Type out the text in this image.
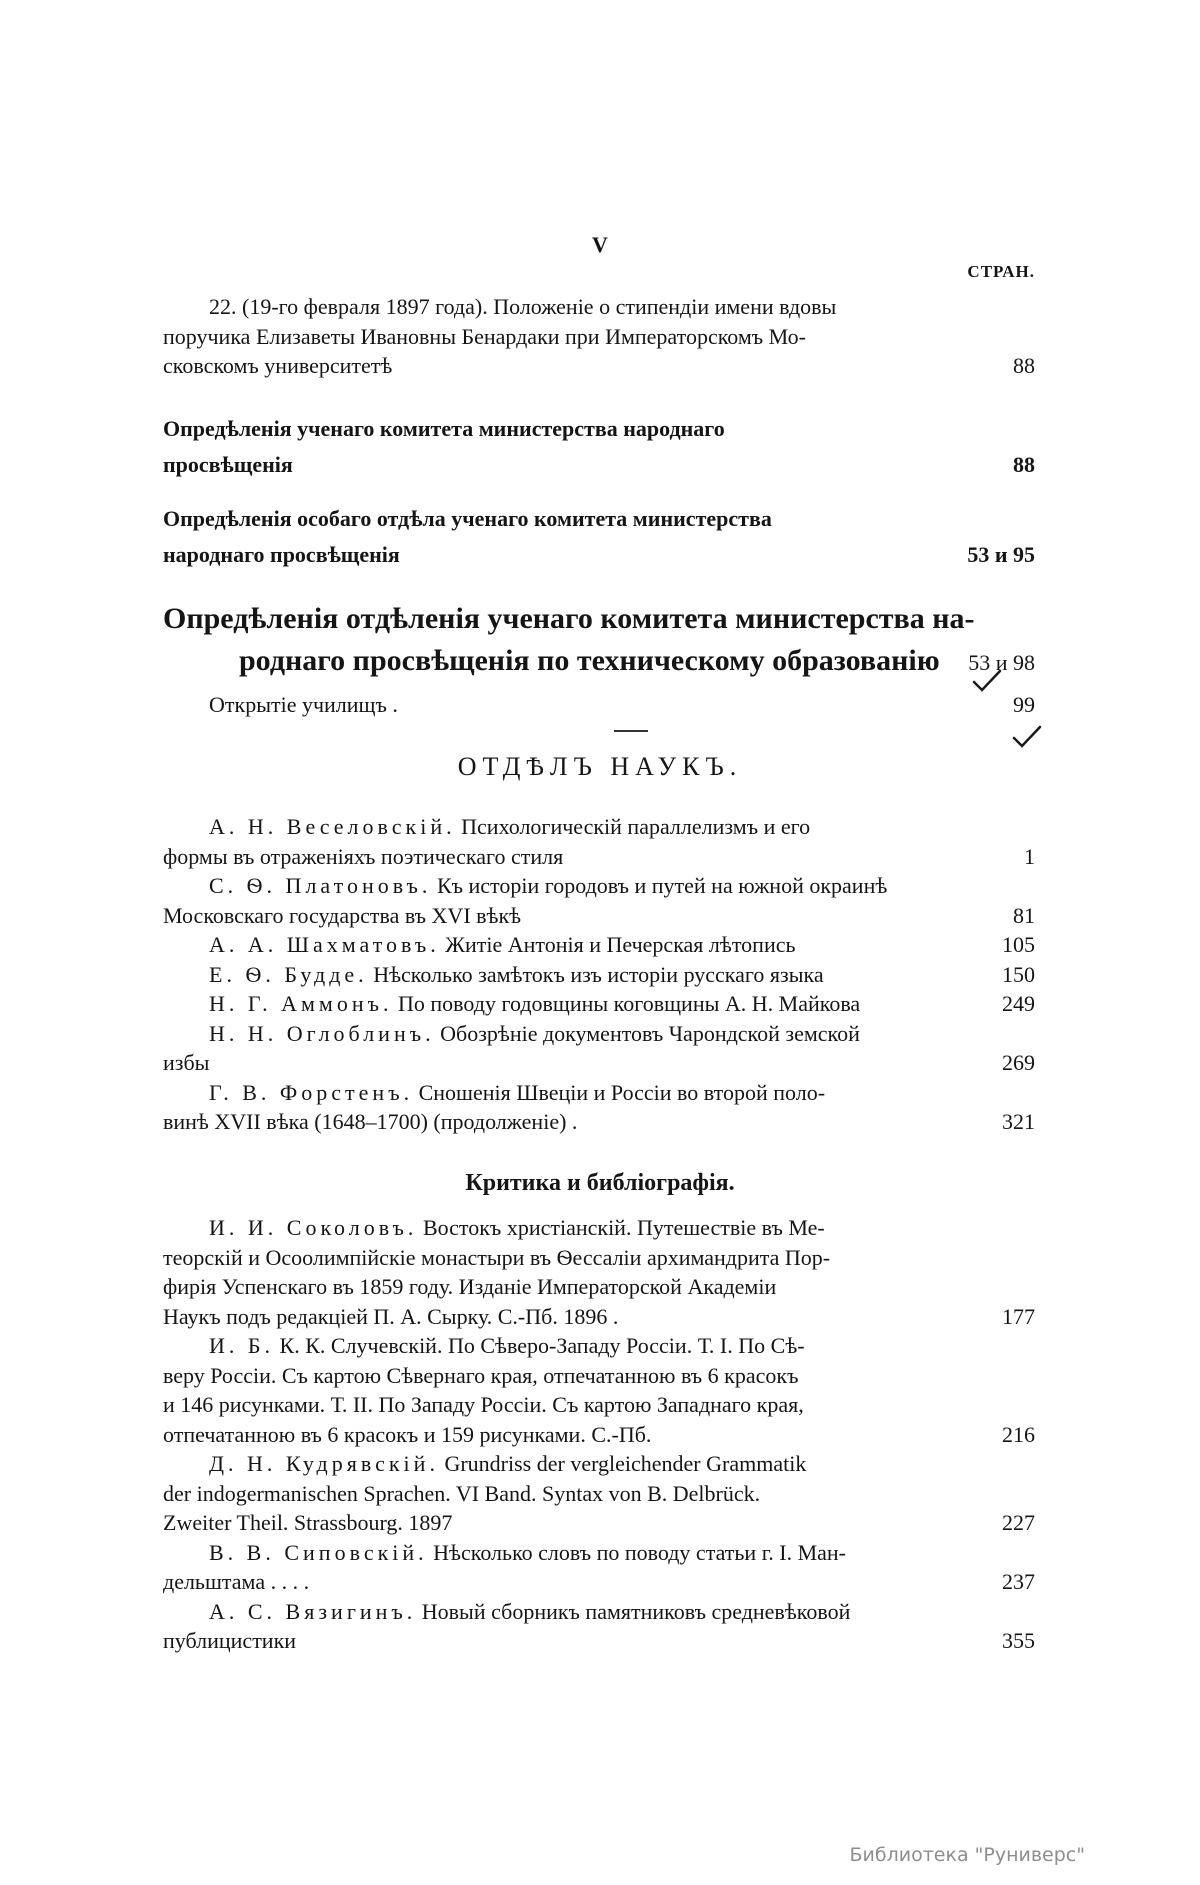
V
СТРАН.
22. (19-го февраля 1897 года). Положеніе о стипендіи имени вдовы
поручика Елизаветы Ивановны Бенардаки при Императорскомъ Мо-
сковскомъ университетѣ	88
Опредѣленія ученаго комитета министерства народнаго
просвѣщенія	88
Опредѣленія особаго отдѣла ученаго комитета министерства
народнаго просвѣщенія	53 и 95
Опредѣленія отдѣленія ученаго комитета министерства на-
роднаго просвѣщенія по техническому образованію	53 и 98
Открытіе училищъ .	99
ОТДѢЛЪ НАУКЪ.
А. Н. Веселовскій. Психологическій параллелизмъ и его
формы въ отраженіяхъ поэтическаго стиля	1
С. Ѳ. Платоновъ. Къ исторіи городовъ и путей на южной окраинѣ
Московскаго государства въ XVI вѣкѣ	81
А. А. Шахматовъ. Житіе Антонія и Печерская лѣтопись	105
Е. Ѳ. Будде. Нѣсколько замѣтокъ изъ исторіи русскаго языка	150
Н. Г. Аммонъ. По поводу годовщины коговщины А. Н. Майкова	249
Н. Н. Оглоблинъ. Обозрѣніе документовъ Чарондской земской
избы	269
Г. В. Форстенъ. Сношенія Швеціи и Россіи во второй поло-
винѣ XVII вѣка (1648–1700) (продолженіе) .	321
Критика и библіографія.
И. И. Соколовъ. Востокъ христіанскій. Путешествіе въ Ме-
теорскій и Осоолимпійскіе монастыри въ Ѳессаліи архимандрита Пор-
фирія Успенскаго въ 1859 году. Изданіе Императорской Академіи
Наукъ подъ редакціей П. А. Сырку. С.-Пб. 1896 .	177
И. Б. К. К. Случевскій. По Сѣверо-Западу Россіи. Т. I. По Сѣ-
веру Россіи. Съ картою Сѣвернаго края, отпечатанною въ 6 красокъ
и 146 рисунками. Т. II. По Западу Россіи. Съ картою Западнаго края,
отпечатанною въ 6 красокъ и 159 рисунками. С.-Пб.	216
Д. Н. Кудрявскій. Grundriss der vergleichender Grammatik
der indogermanischen Sprachen. VI Band. Syntax von B. Delbrück.
Zweiter Theil. Strassbourg. 1897	227
В. В. Сиповскій. Нѣсколько словъ по поводу статьи г. I. Ман-
дельштама . . . .	237
А. С. Вязигинъ. Новый сборникъ памятниковъ средневѣковой
публицистики	355
Библиотека "Руниверс"
